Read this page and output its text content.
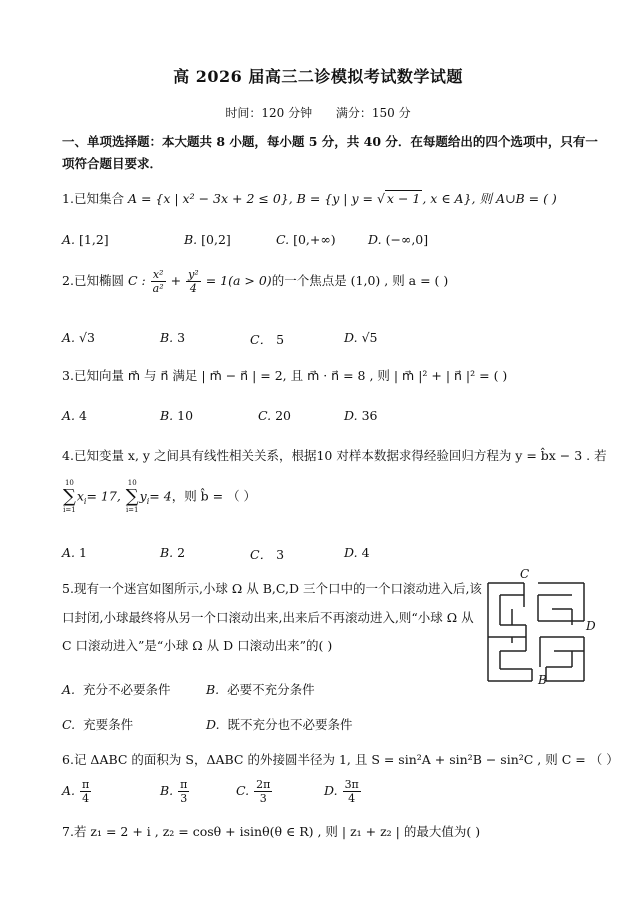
高 2026 届高三二诊模拟考试数学试题
时间：120 分钟 满分：150 分
一、单项选择题：本大题共 8 小题，每小题 5 分，共 40 分．在每题给出的四个选项中，只有一项符合题目要求．
1.已知集合 A = {x | x² − 3x + 2 ≤ 0}, B = {y | y = √ x − 1 , x ∈ A}, 则 A∪B = ( )
A. [1,2]	B. [0,2]	C. [0,+∞)	D. (−∞,0]
2.已知椭圆 C : $\frac{\text{x²}}{\text{a²}} + \frac{\text{y²}}{4} = 1(a > 0)$的一个焦点是 (1,0) , 则 a = ( )
A. √3	B. 3	C． 5	D. √5
3.已知向量 m⃗ 与 n⃗ 满足 | m⃗ − n⃗ | = 2, 且 m⃗ · n⃗ = 8 , 则 | m⃗ |² + | n⃗ |² = ( )
A. 4	B. 10	C. 20	D. 36
4.已知变量 x, y 之间具有线性相关关系，根据10 对样本数据求得经验回归方程为 y = b̂x − 3 . 若
10
∑
i=1
$x_i= 17$,
10
∑
i=1
$y_i= 4$，则 b̂ = （ ）
A. 1	B. 2	C． 3	D. 4
5.现有一个迷宫如图所示,小球 Ω 从 B,C,D 三个口中的一个口滚动进入后,该
口封闭,小球最终将从另一个口滚动出来,出来后不再滚动进入,则“小球 Ω 从
C 口滚动进入”是“小球 Ω 从 D 口滚动出来”的( )
C
D
B
A. 充分不必要条件	B. 必要不充分条件
C. 充要条件	D. 既不充分也不必要条件
6.记 ΔABC 的面积为 S，ΔABC 的外接圆半径为 1, 且 S = sin²A + sin²B − sin²C , 则 C = （ ）
A. $\frac{\pi}{4}$	B. $\frac{\pi}{3}$	C. $\frac{2\pi}{3}$	D. $\frac{3\pi}{4}$
7.若 z₁ = 2 + i , z₂ = cosθ + isinθ(θ ∈ R) , 则 | z₁ + z₂ | 的最大值为( )
